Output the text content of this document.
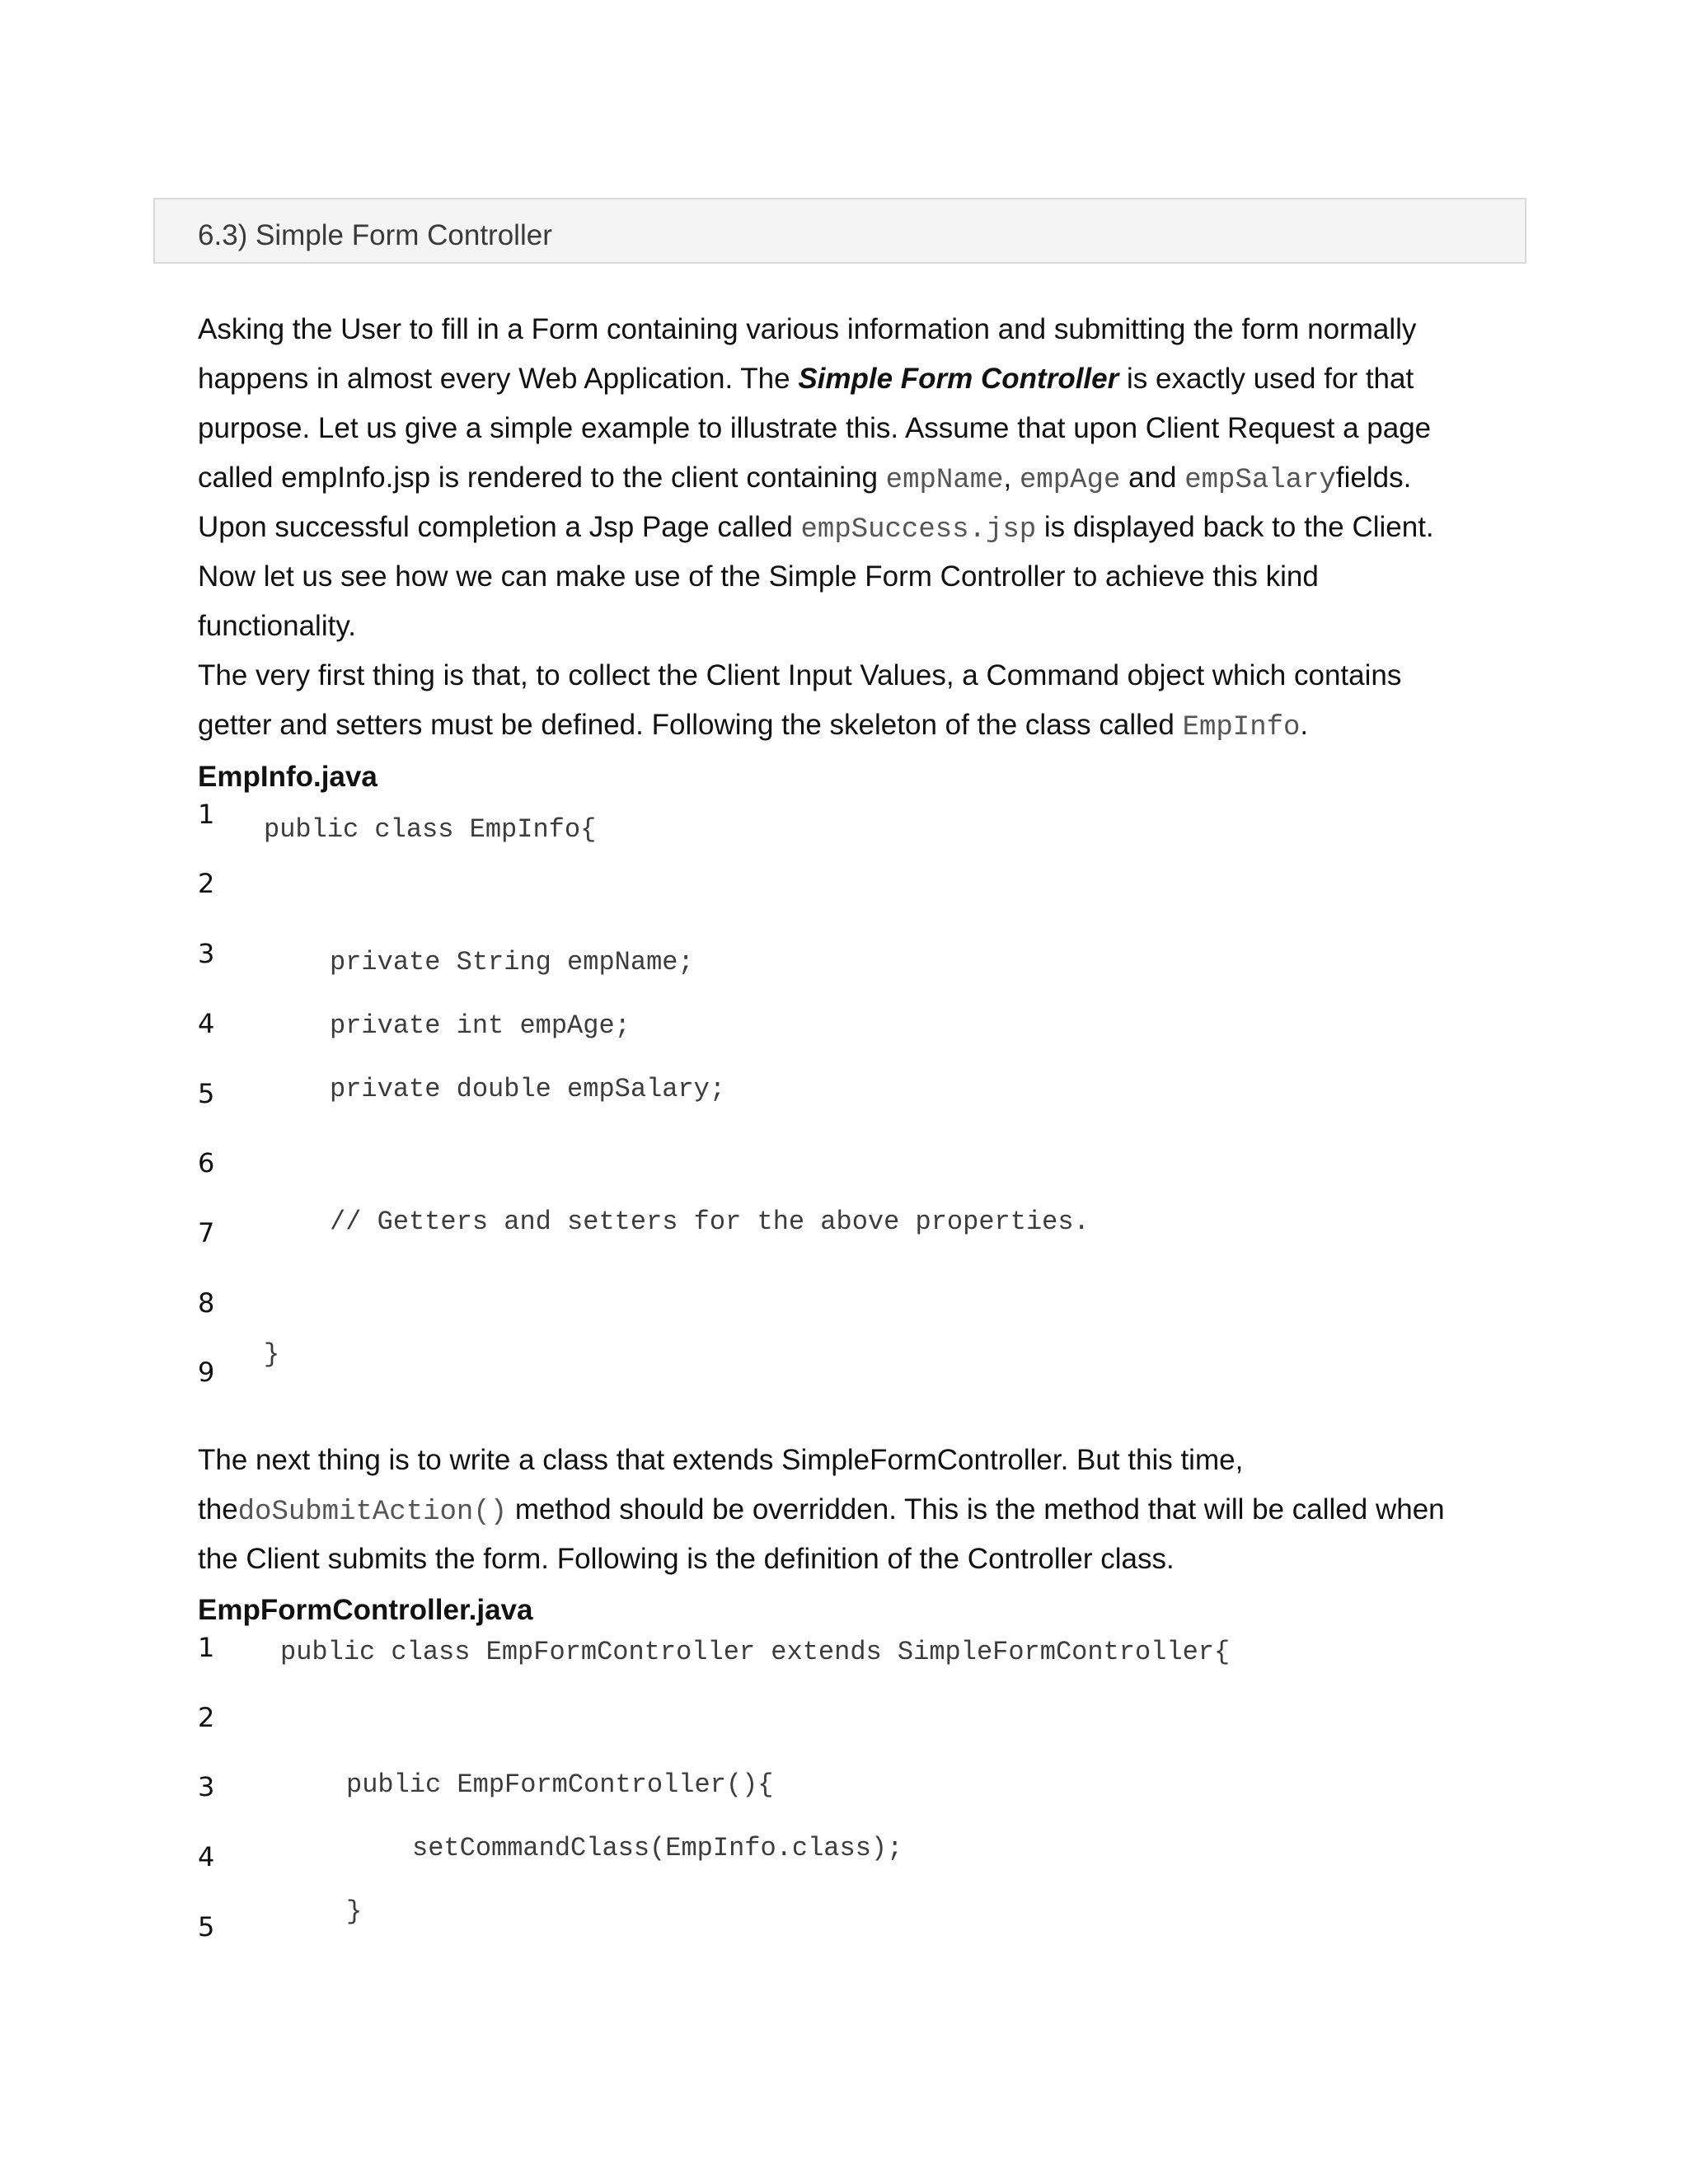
6.3) Simple Form Controller

Asking the User to fill in a Form containing various information and submitting the form normally

happens in almost every Web Application. The Simple Form Controller is exactly used for that

purpose. Let us give a simple example to illustrate this. Assume that upon Client Request a page

called empInfo.jsp is rendered to the client containing empName, empAge and empSalaryfields.

Upon successful completion a Jsp Page called empSuccess.jsp is displayed back to the Client.

Now let us see how we can make use of the Simple Form Controller to achieve this kind

functionality.

The very first thing is that, to collect the Client Input Values, a Command object which contains

getter and setters must be defined. Following the skeleton of the class called EmpInfo.

EmpInfo.java
1
2
3
4
5
6
7
8
9
public class EmpInfo{
private String empName;
private int empAge;
private double empSalary;
// Getters and setters for the above properties.
}

The next thing is to write a class that extends SimpleFormController. But this time,

thedoSubmitAction() method should be overridden. This is the method that will be called when

the Client submits the form. Following is the definition of the Controller class.

EmpFormController.java
1
2
3
4
5
public class EmpFormController extends SimpleFormController{
public EmpFormController(){
setCommandClass(EmpInfo.class);
}
